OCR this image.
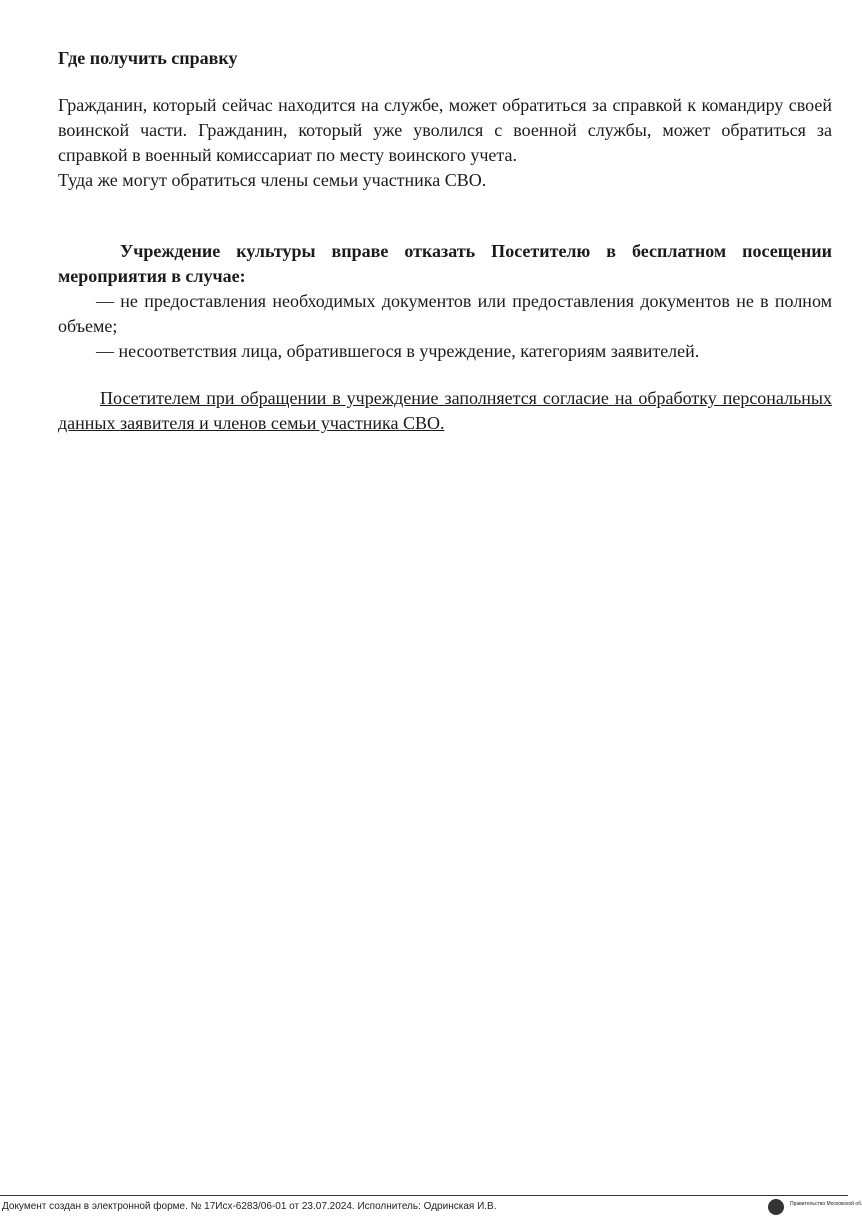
Где получить справку

Гражданин, который сейчас находится на службе, может обратиться за справкой к командиру своей воинской части. Гражданин, который уже уволился с военной службы, может обратиться за справкой в военный комиссариат по месту воинского учета.

Туда же могут обратиться члены семьи участника СВО.

Учреждение культуры вправе отказать Посетителю в бесплатном посещении мероприятия в случае:

— не предоставления необходимых документов или предоставления документов не в полном объеме;

— несоответствия лица, обратившегося в учреждение, категориям заявителей.

Посетителем при обращении в учреждение заполняется согласие на обработку персональных данных заявителя и членов семьи участника СВО.

Документ создан в электронной форме. № 17Исх-6283/06-01 от 23.07.2024. Исполнитель: Одринская И.В.	Правительство Московской об.
